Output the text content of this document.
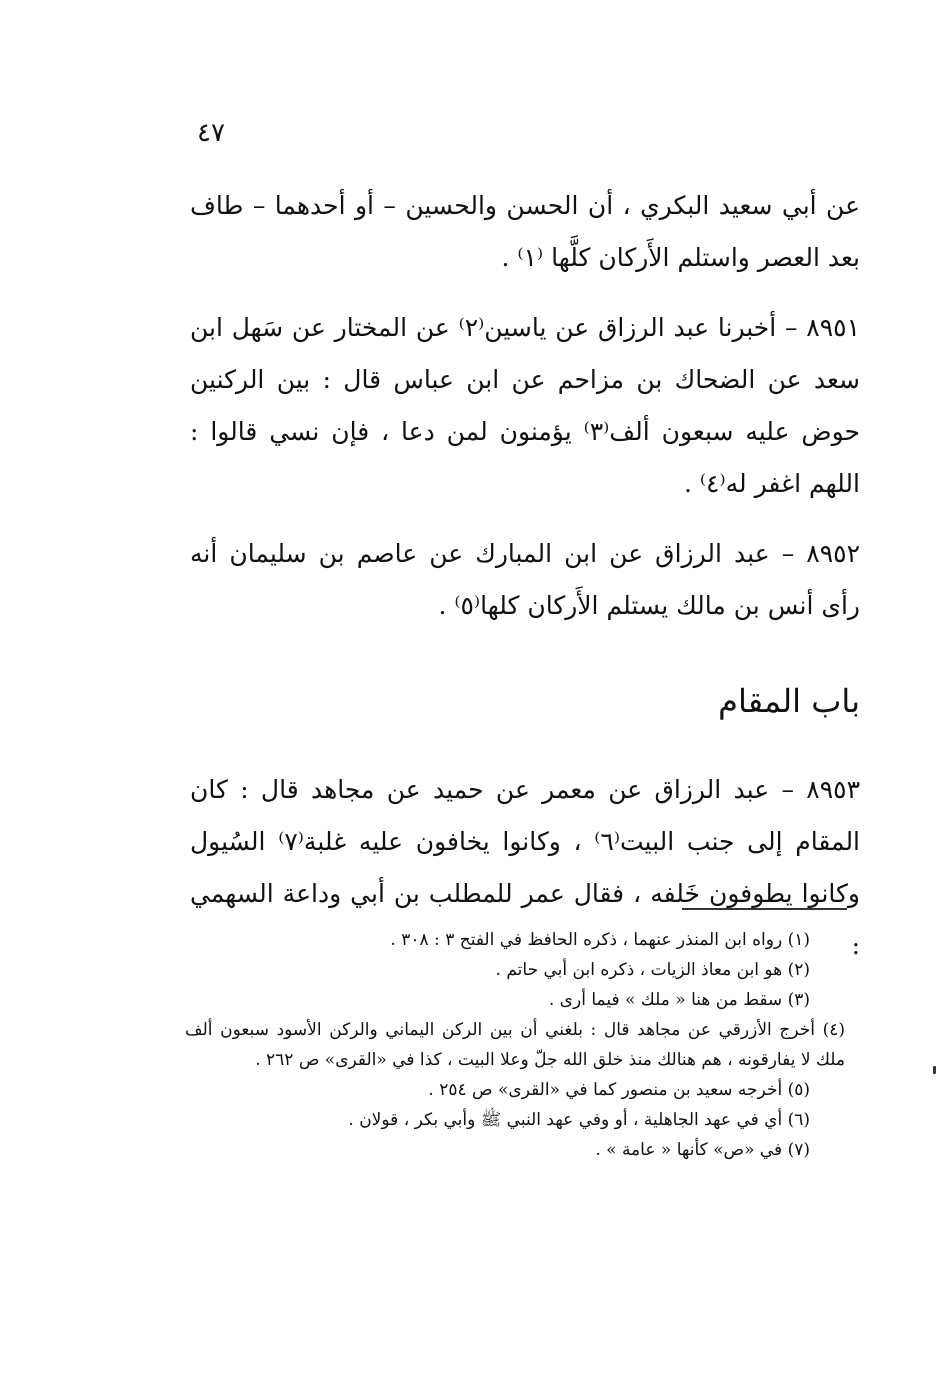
٤٧

عن أبي سعيد البكري ، أن الحسن والحسين – أو أحدهما – طاف بعد العصر واستلم الأَركان كلَّها ⁽١⁾ .

٨٩٥١ – أخبرنا عبد الرزاق عن ياسين⁽٢⁾ عن المختار عن سَهل ابن سعد عن الضحاك بن مزاحم عن ابن عباس قال : بين الركنين حوض عليه سبعون ألف⁽٣⁾ يؤمنون لمن دعا ، فإن نسي قالوا : اللهم اغفر له⁽٤⁾ .

٨٩٥٢ – عبد الرزاق عن ابن المبارك عن عاصم بن سليمان أنه رأى أنس بن مالك يستلم الأَركان كلها⁽٥⁾ .

باب المقام

٨٩٥٣ – عبد الرزاق عن معمر عن حميد عن مجاهد قال : كان المقام إلى جنب البيت⁽٦⁾ ، وكانوا يخافون عليه غلبة⁽٧⁾ السُيول وكانوا يطوفون خَلفه ، فقال عمر للمطلب بن أبي وداعة السهمي :

(١) رواه ابن المنذر عنهما ، ذكره الحافظ في الفتح ٣ : ٣٠٨ .

(٢) هو ابن معاذ الزيات ، ذكره ابن أبي حاتم .

(٣) سقط من هنا « ملك » فيما أرى .

(٤) أخرج الأزرقي عن مجاهد قال : بلغني أن بين الركن اليماني والركن الأسود سبعون ألف ملك لا يفارقونه ، هم هنالك منذ خلق الله جلّ وعلا البيت ، كذا في «القرى» ص ٢٦٢ .

(٥) أخرجه سعيد بن منصور كما في «القرى» ص ٢٥٤ .

(٦) أي في عهد الجاهلية ، أو وفي عهد النبي ﷺ وأبي بكر ، قولان .

(٧) في «ص» كأنها « عامة » .
